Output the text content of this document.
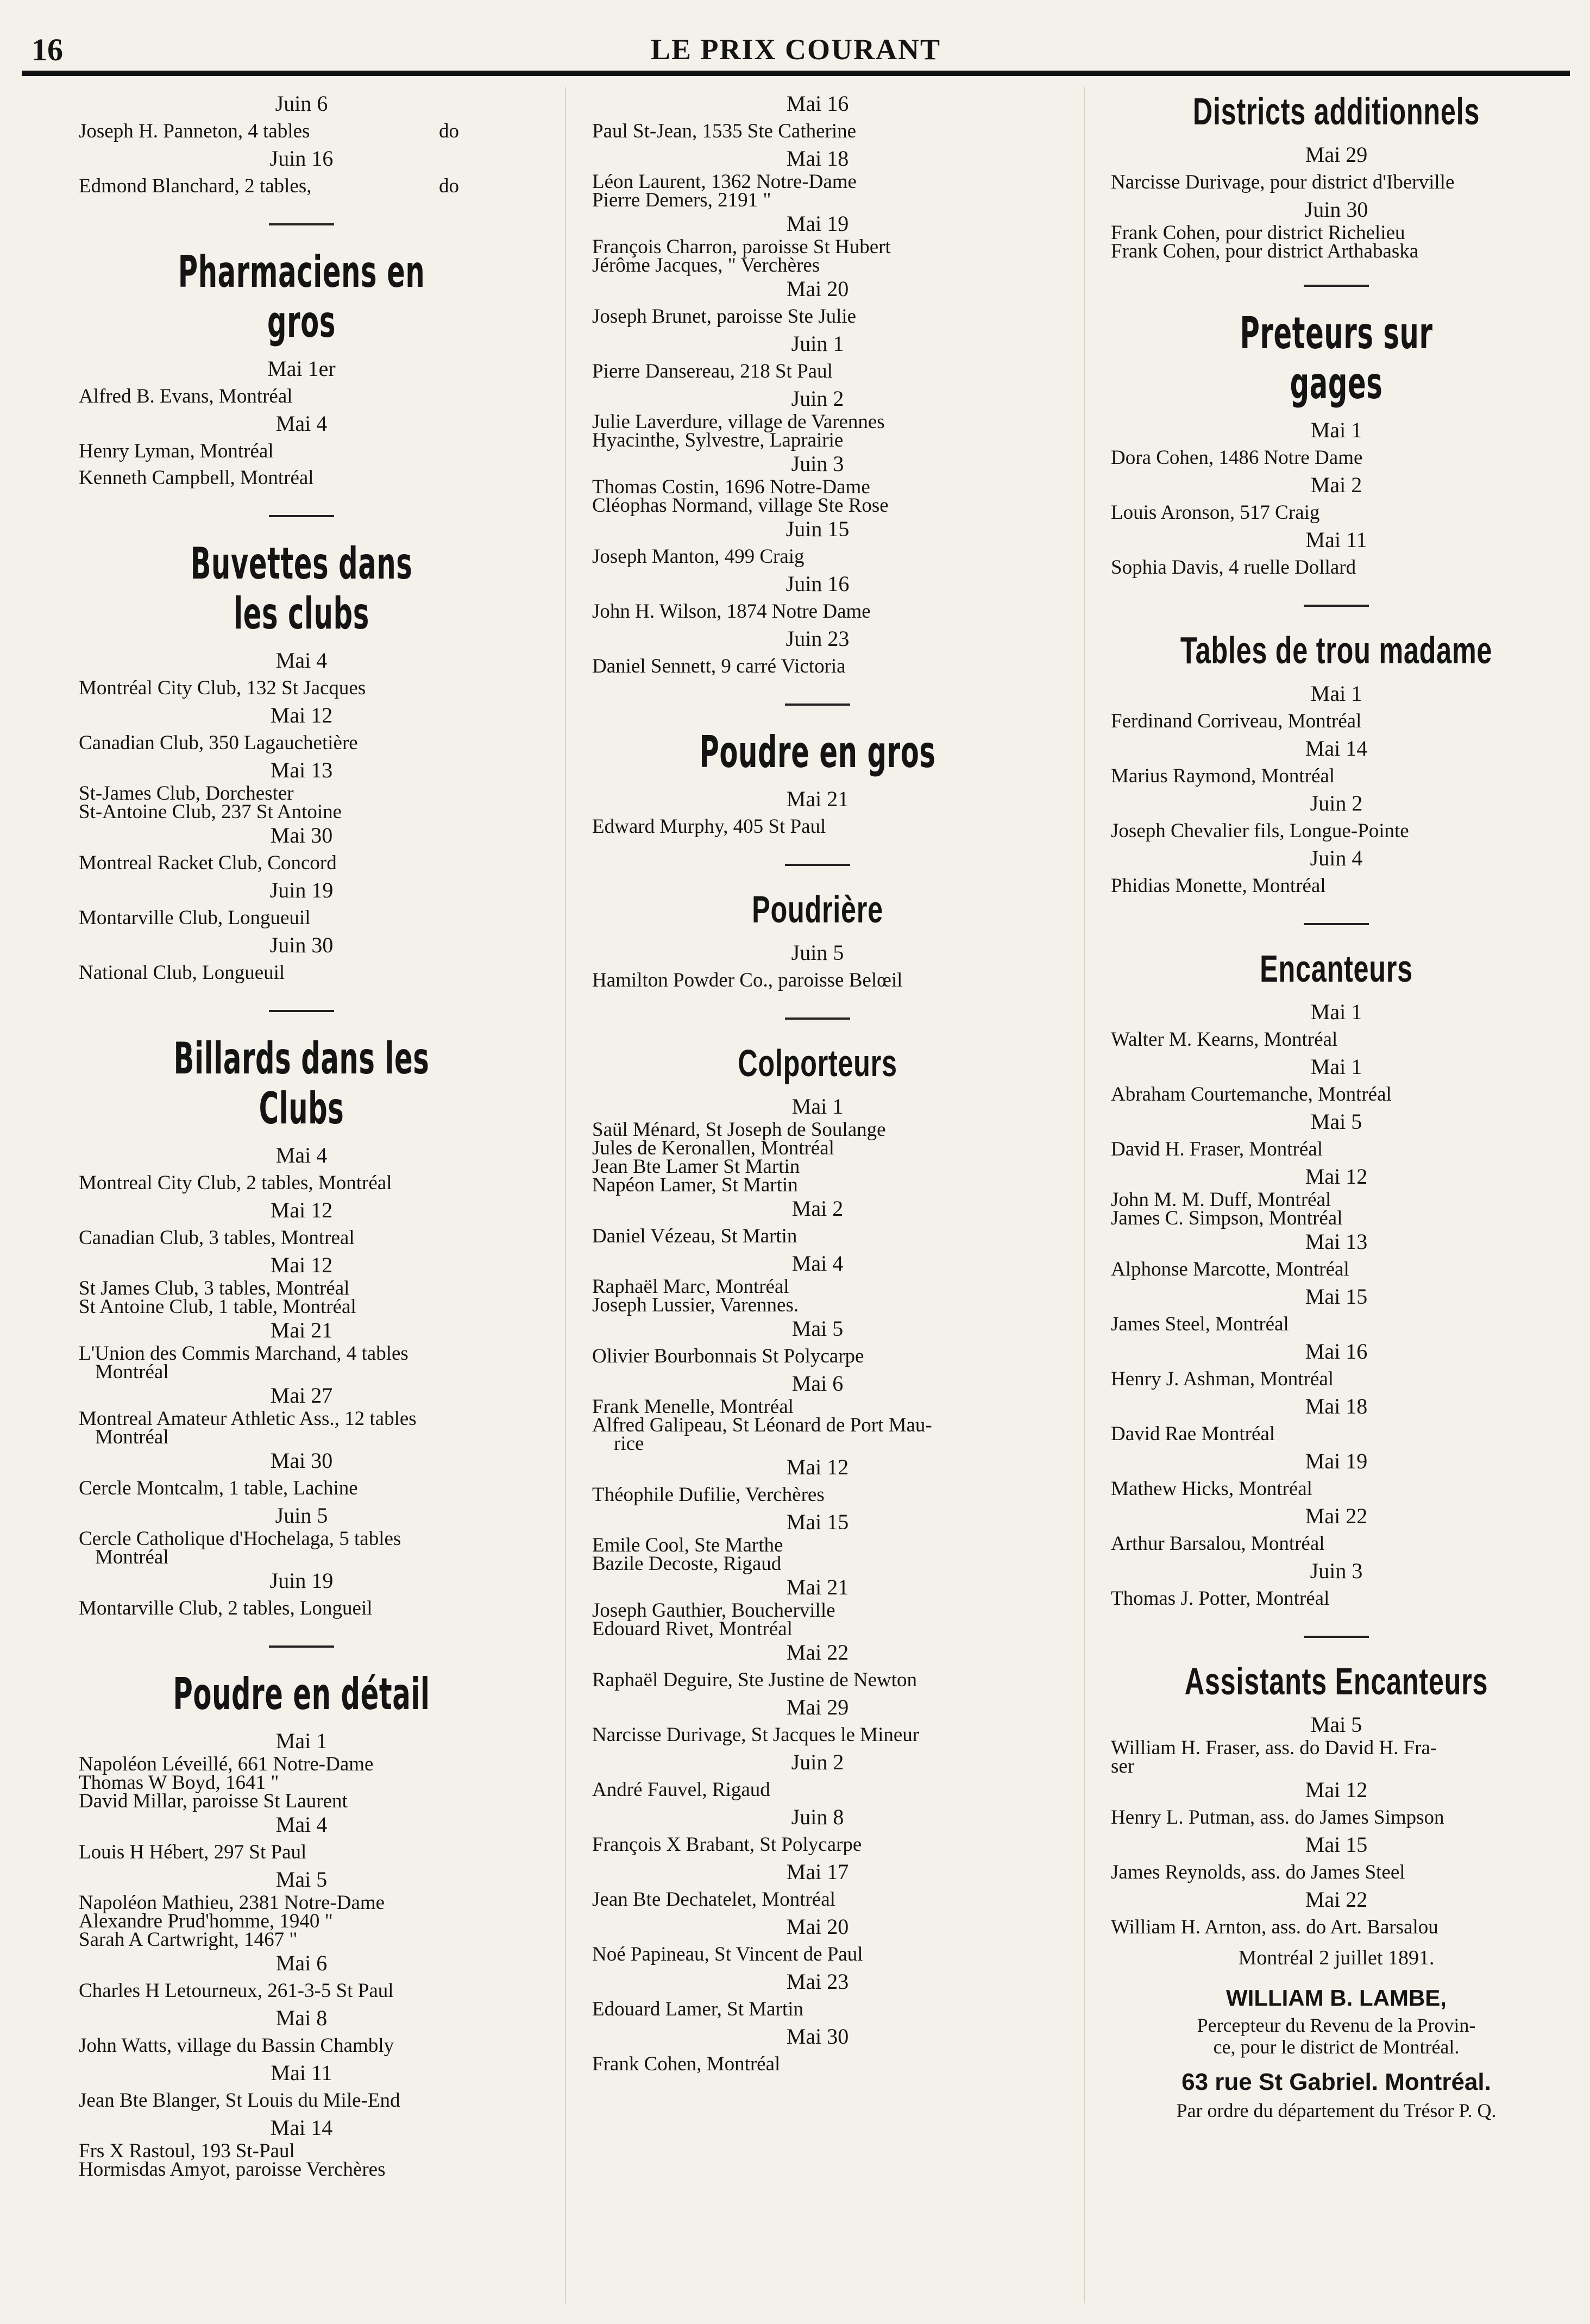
16	LE PRIX COURANT
Juin 6
Joseph H. Panneton, 4 tables	do
Juin 16
Edmond Blanchard, 2 tables,	do
Pharmaciens en gros
Mai 1er
Alfred B. Evans, Montréal
Mai 4
Henry Lyman, Montréal
Kenneth Campbell, Montréal
Buvettes dans les clubs
Mai 4
Montréal City Club, 132 St Jacques
Mai 12
Canadian Club, 350 Lagauchetière
Mai 13
St-James Club, Dorchester
St-Antoine Club, 237 St Antoine
Mai 30
Montreal Racket Club, Concord
Juin 19
Montarville Club, Longueuil
Juin 30
National Club, Longueuil
Billards dans les Clubs
Mai 4
Montreal City Club, 2 tables, Montréal
Mai 12
Canadian Club, 3 tables, Montreal
Mai 12
St James Club, 3 tables, Montréal
St Antoine Club, 1 table, Montréal
Mai 21
L'Union des Commis Marchand, 4 tables
Montréal
Mai 27
Montreal Amateur Athletic Ass., 12 tables
Montréal
Mai 30
Cercle Montcalm, 1 table, Lachine
Juin 5
Cercle Catholique d'Hochelaga, 5 tables
Montréal
Juin 19
Montarville Club, 2 tables, Longueil
Poudre en détail
Mai 1
Napoléon Léveillé, 661 Notre-Dame
Thomas W Boyd, 1641 "
David Millar, paroisse St Laurent
Mai 4
Louis H Hébert, 297 St Paul
Mai 5
Napoléon Mathieu, 2381 Notre-Dame
Alexandre Prud'homme, 1940 "
Sarah A Cartwright, 1467 "
Mai 6
Charles H Letourneux, 261-3-5 St Paul
Mai 8
John Watts, village du Bassin Chambly
Mai 11
Jean Bte Blanger, St Louis du Mile-End
Mai 14
Frs X Rastoul, 193 St-Paul
Hormisdas Amyot, paroisse Verchères
Mai 16
Paul St-Jean, 1535 Ste Catherine
Mai 18
Léon Laurent, 1362 Notre-Dame
Pierre Demers, 2191 "
Mai 19
François Charron, paroisse St Hubert
Jérôme Jacques, " Verchères
Mai 20
Joseph Brunet, paroisse Ste Julie
Juin 1
Pierre Dansereau, 218 St Paul
Juin 2
Julie Laverdure, village de Varennes
Hyacinthe, Sylvestre, Laprairie
Juin 3
Thomas Costin, 1696 Notre-Dame
Cléophas Normand, village Ste Rose
Juin 15
Joseph Manton, 499 Craig
Juin 16
John H. Wilson, 1874 Notre Dame
Juin 23
Daniel Sennett, 9 carré Victoria
Poudre en gros
Mai 21
Edward Murphy, 405 St Paul
Poudrière
Juin 5
Hamilton Powder Co., paroisse Belœil
Colporteurs
Mai 1
Saül Ménard, St Joseph de Soulange
Jules de Keronallen, Montréal
Jean Bte Lamer St Martin
Napéon Lamer, St Martin
Mai 2
Daniel Vézeau, St Martin
Mai 4
Raphaël Marc, Montréal
Joseph Lussier, Varennes.
Mai 5
Olivier Bourbonnais St Polycarpe
Mai 6
Frank Menelle, Montréal
Alfred Galipeau, St Léonard de Port Mau-
rice
Mai 12
Théophile Dufilie, Verchères
Mai 15
Emile Cool, Ste Marthe
Bazile Decoste, Rigaud
Mai 21
Joseph Gauthier, Boucherville
Edouard Rivet, Montréal
Mai 22
Raphaël Deguire, Ste Justine de Newton
Mai 29
Narcisse Durivage, St Jacques le Mineur
Juin 2
André Fauvel, Rigaud
Juin 8
François X Brabant, St Polycarpe
Mai 17
Jean Bte Dechatelet, Montréal
Mai 20
Noé Papineau, St Vincent de Paul
Mai 23
Edouard Lamer, St Martin
Mai 30
Frank Cohen, Montréal
Districts additionnels
Mai 29
Narcisse Durivage, pour district d'Iberville
Juin 30
Frank Cohen, pour district Richelieu
Frank Cohen, pour district Arthabaska
Preteurs sur gages
Mai 1
Dora Cohen, 1486 Notre Dame
Mai 2
Louis Aronson, 517 Craig
Mai 11
Sophia Davis, 4 ruelle Dollard
Tables de trou madame
Mai 1
Ferdinand Corriveau, Montréal
Mai 14
Marius Raymond, Montréal
Juin 2
Joseph Chevalier fils, Longue-Pointe
Juin 4
Phidias Monette, Montréal
Encanteurs
Mai 1
Walter M. Kearns, Montréal
Mai 1
Abraham Courtemanche, Montréal
Mai 5
David H. Fraser, Montréal
Mai 12
John M. M. Duff, Montréal
James C. Simpson, Montréal
Mai 13
Alphonse Marcotte, Montréal
Mai 15
James Steel, Montréal
Mai 16
Henry J. Ashman, Montréal
Mai 18
David Rae Montréal
Mai 19
Mathew Hicks, Montréal
Mai 22
Arthur Barsalou, Montréal
Juin 3
Thomas J. Potter, Montréal
Assistants Encanteurs
Mai 5
William H. Fraser, ass. do David H. Fra-
ser
Mai 12
Henry L. Putman, ass. do James Simpson
Mai 15
James Reynolds, ass. do James Steel
Mai 22
William H. Arnton, ass. do Art. Barsalou
Montréal 2 juillet 1891.
WILLIAM B. LAMBE,
Percepteur du Revenu de la Provin-
ce, pour le district de Montréal.
63 rue St Gabriel. Montréal.
Par ordre du département du Trésor P. Q.
